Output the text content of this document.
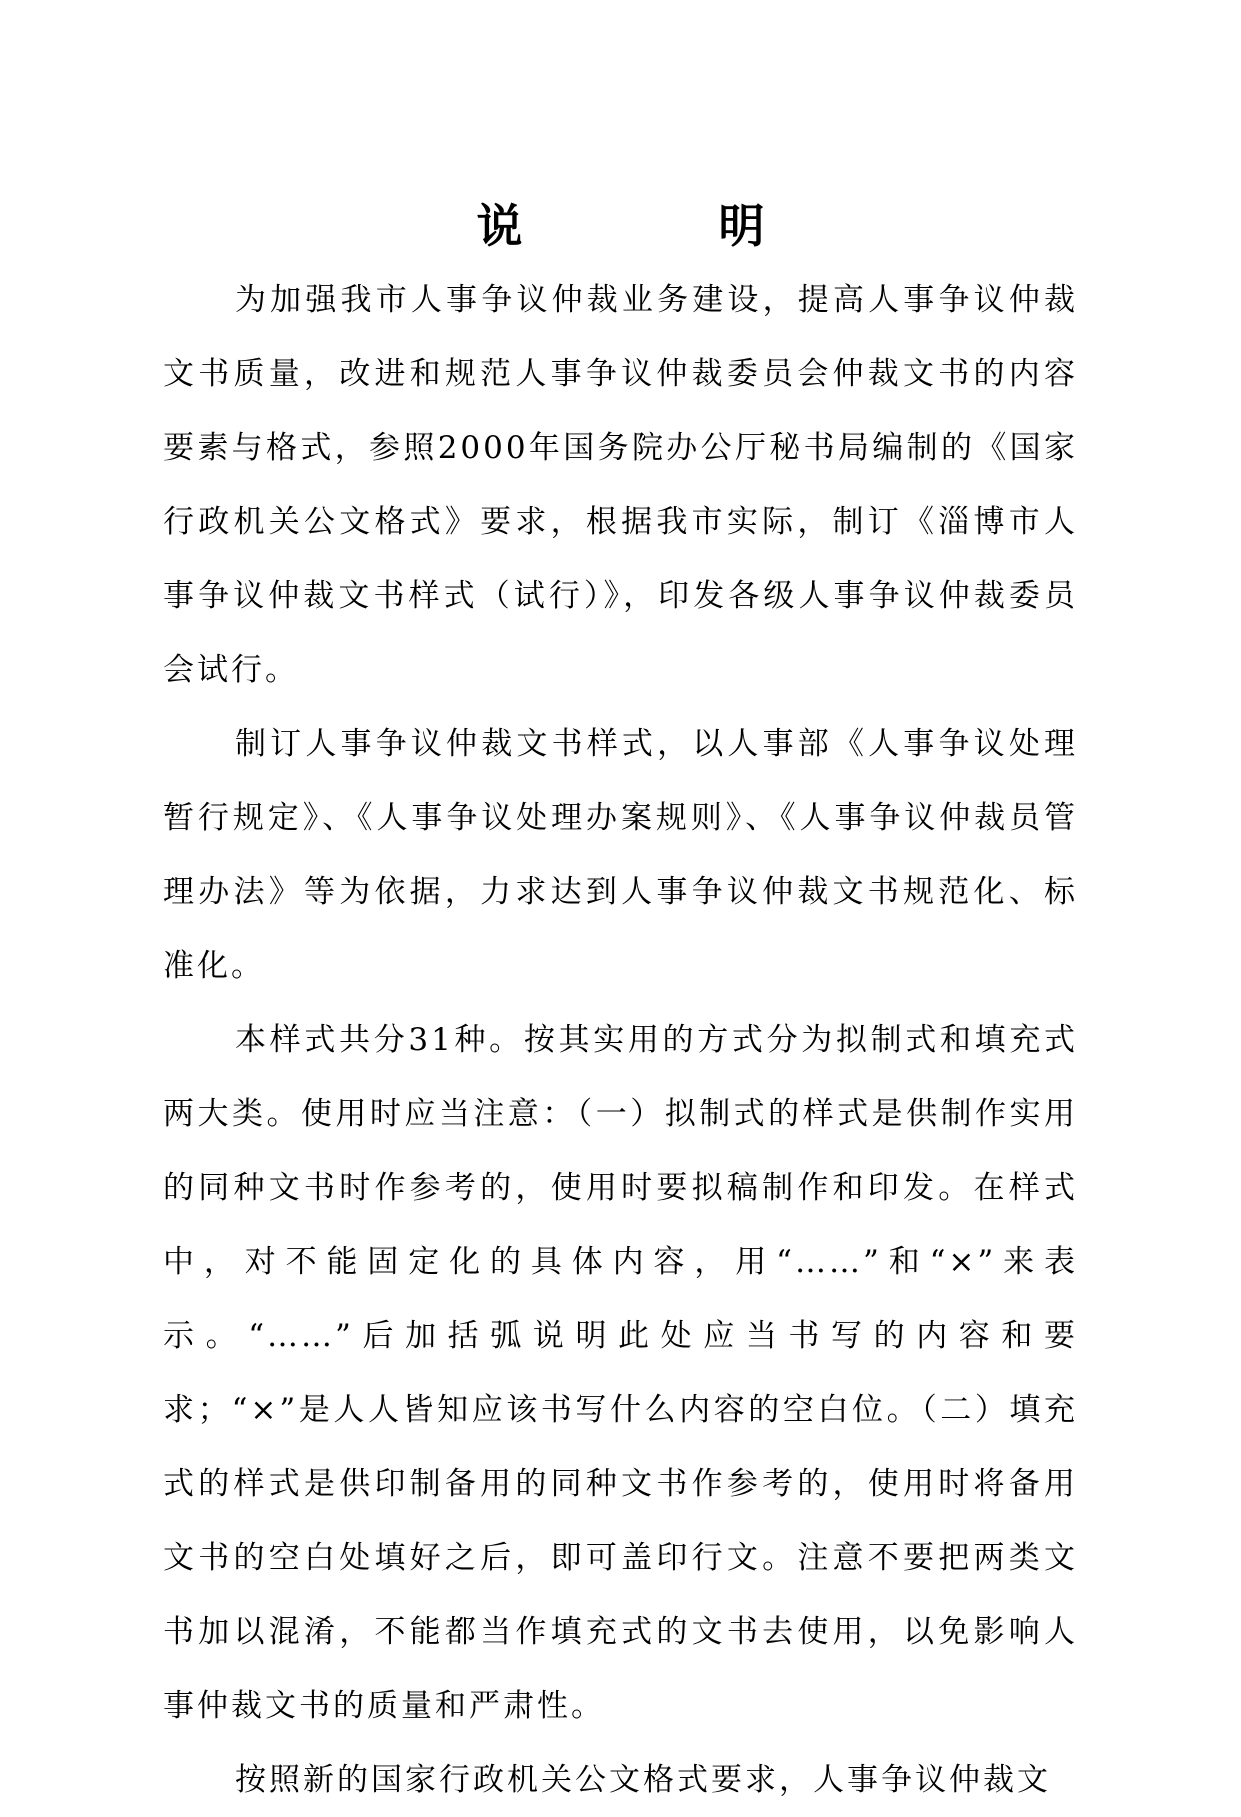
说 明

为加强我市人事争议仲裁业务建设，提高人事争议仲裁文书质量，改进和规范人事争议仲裁委员会仲裁文书的内容要素与格式，参照2000年国务院办公厅秘书局编制的《国家行政机关公文格式》要求，根据我市实际，制订《淄博市人事争议仲裁文书样式（试行）》，印发各级人事争议仲裁委员会试行。

制订人事争议仲裁文书样式，以人事部《人事争议处理暂行规定》、《人事争议处理办案规则》、《人事争议仲裁员管理办法》等为依据，力求达到人事争议仲裁文书规范化、标准化。

本样式共分31种。按其实用的方式分为拟制式和填充式两大类。使用时应当注意：（一）拟制式的样式是供制作实用的同种文书时作参考的，使用时要拟稿制作和印发。在样式中，对不能固定化的具体内容，用“……”和“×”来表示。“……”后加括弧说明此处应当书写的内容和要求；“×”是人人皆知应该书写什么内容的空白位。（二）填充式的样式是供印制备用的同种文书作参考的，使用时将备用文书的空白处填好之后，即可盖印行文。注意不要把两类文书加以混淆，不能都当作填充式的文书去使用，以免影响人事仲裁文书的质量和严肃性。

按照新的国家行政机关公文格式要求，人事争议仲裁文
